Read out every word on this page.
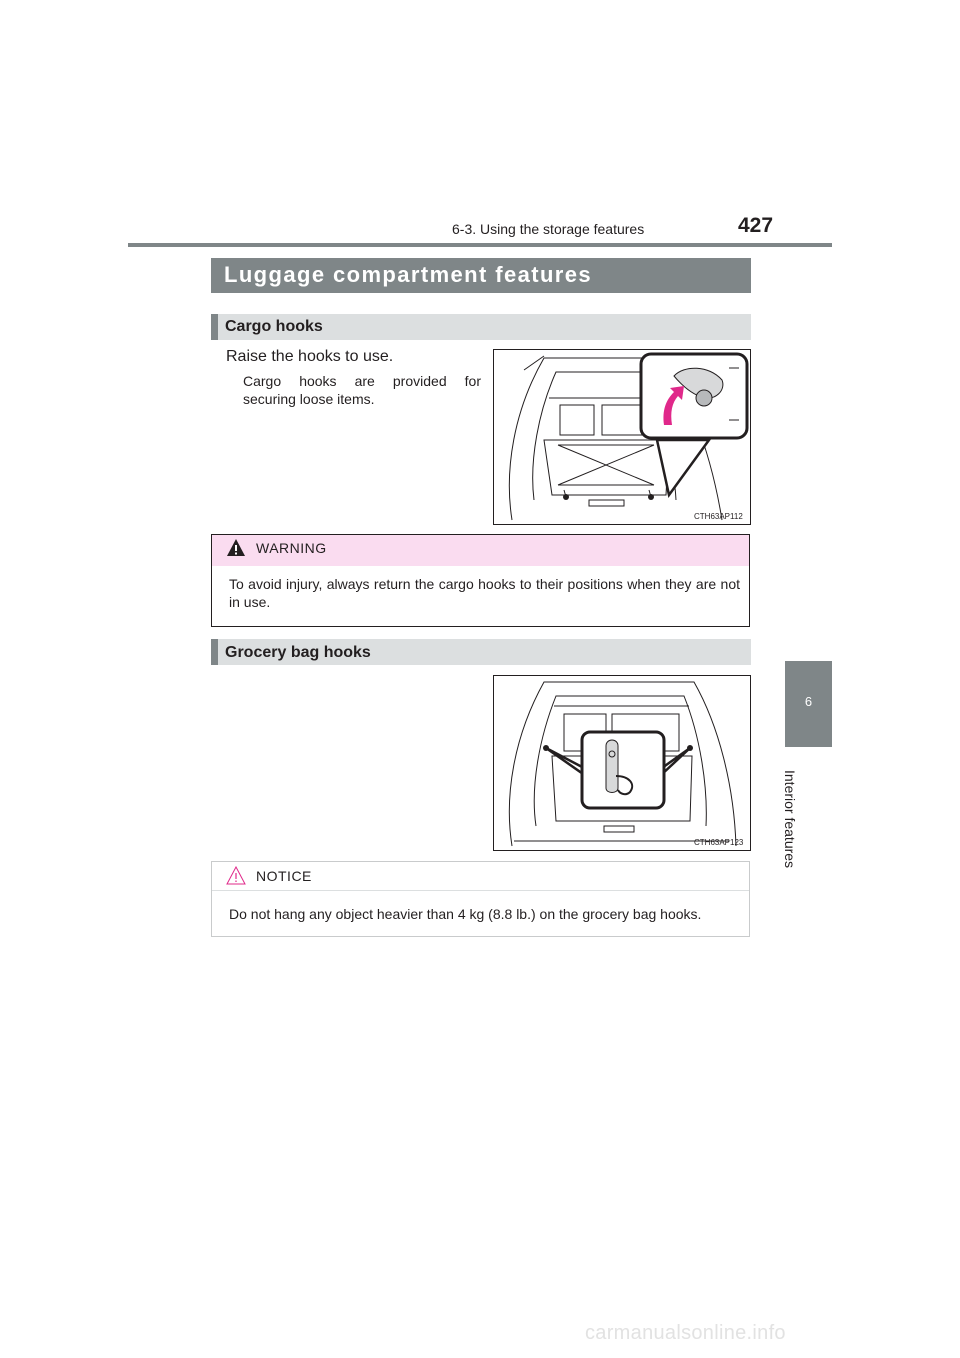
6-3. Using the storage features	427
6
Interior features
Luggage compartment features
Cargo hooks
Raise the hooks to use.
Cargo hooks are provided for securing loose items.
CTH63AP112
WARNING
To avoid injury, always return the cargo hooks to their positions when they are not in use.
Grocery bag hooks
CTH63AP123
NOTICE
Do not hang any object heavier than 4 kg (8.8 lb.) on the grocery bag hooks.
carmanualsonline.info
